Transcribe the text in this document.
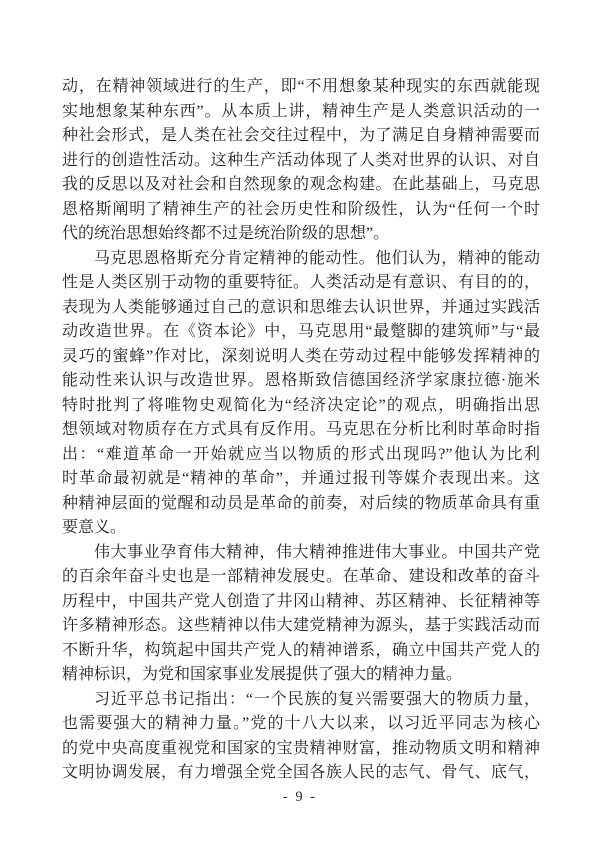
动，在精神领域进行的生产，即“不用想象某种现实的东西就能现
实地想象某种东西”。从本质上讲，精神生产是人类意识活动的一
种社会形式，是人类在社会交往过程中，为了满足自身精神需要而
进行的创造性活动。这种生产活动体现了人类对世界的认识、对自
我的反思以及对社会和自然现象的观念构建。在此基础上，马克思
恩格斯阐明了精神生产的社会历史性和阶级性，认为“任何一个时
代的统治思想始终都不过是统治阶级的思想”。
马克思恩格斯充分肯定精神的能动性。他们认为，精神的能动
性是人类区别于动物的重要特征。人类活动是有意识、有目的的，
表现为人类能够通过自己的意识和思维去认识世界，并通过实践活
动改造世界。在《资本论》中，马克思用“最蹩脚的建筑师”与“最
灵巧的蜜蜂”作对比，深刻说明人类在劳动过程中能够发挥精神的
能动性来认识与改造世界。恩格斯致信德国经济学家康拉德·施米
特时批判了将唯物史观简化为“经济决定论”的观点，明确指出思
想领域对物质存在方式具有反作用。马克思在分析比利时革命时指
出：“难道革命一开始就应当以物质的形式出现吗?”他认为比利
时革命最初就是“精神的革命”，并通过报刊等媒介表现出来。这
种精神层面的觉醒和动员是革命的前奏，对后续的物质革命具有重
要意义。
伟大事业孕育伟大精神，伟大精神推进伟大事业。中国共产党
的百余年奋斗史也是一部精神发展史。在革命、建设和改革的奋斗
历程中，中国共产党人创造了井冈山精神、苏区精神、长征精神等
许多精神形态。这些精神以伟大建党精神为源头，基于实践活动而
不断升华，构筑起中国共产党人的精神谱系，确立中国共产党人的
精神标识，为党和国家事业发展提供了强大的精神力量。
习近平总书记指出：“一个民族的复兴需要强大的物质力量，
也需要强大的精神力量。”党的十八大以来，以习近平同志为核心
的党中央高度重视党和国家的宝贵精神财富，推动物质文明和精神
文明协调发展，有力增强全党全国各族人民的志气、骨气、底气，
- 9 -
